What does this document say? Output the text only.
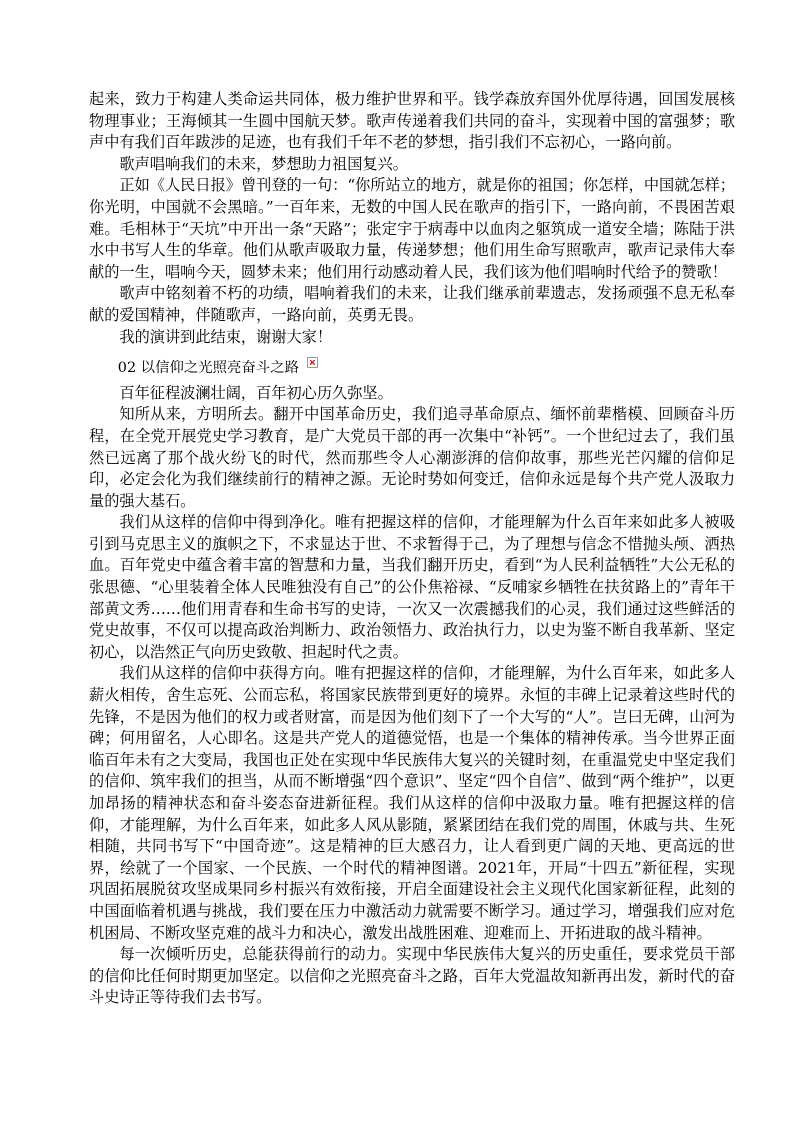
起来，致力于构建人类命运共同体，极力维护世界和平。钱学森放弃国外优厚待遇，回国发展核物理事业；王海倾其一生圆中国航天梦。歌声传递着我们共同的奋斗，实现着中国的富强梦；歌声中有我们百年跋涉的足迹，也有我们千年不老的梦想，指引我们不忘初心，一路向前。

歌声唱响我们的未来，梦想助力祖国复兴。

正如《人民日报》曾刊登的一句：“你所站立的地方，就是你的祖国；你怎样，中国就怎样；你光明，中国就不会黑暗。”一百年来，无数的中国人民在歌声的指引下，一路向前，不畏困苦艰难。毛相林于“天坑”中开出一条“天路”；张定宇于病毒中以血肉之躯筑成一道安全墙；陈陆于洪水中书写人生的华章。他们从歌声吸取力量，传递梦想；他们用生命写照歌声，歌声记录伟大奉献的一生，唱响今天，圆梦未来；他们用行动感动着人民，我们该为他们唱响时代给予的赞歌！

歌声中铭刻着不朽的功绩，唱响着我们的未来，让我们继承前辈遗志，发扬顽强不息无私奉献的爱国精神，伴随歌声，一路向前，英勇无畏。

我的演讲到此结束，谢谢大家！

02 以信仰之光照亮奋斗之路

百年征程波澜壮阔，百年初心历久弥坚。

知所从来，方明所去。翻开中国革命历史，我们追寻革命原点、缅怀前辈楷模、回顾奋斗历程，在全党开展党史学习教育，是广大党员干部的再一次集中“补钙”。一个世纪过去了，我们虽然已远离了那个战火纷飞的时代，然而那些令人心潮澎湃的信仰故事，那些光芒闪耀的信仰足印，必定会化为我们继续前行的精神之源。无论时势如何变迁，信仰永远是每个共产党人汲取力量的强大基石。

我们从这样的信仰中得到净化。唯有把握这样的信仰，才能理解为什么百年来如此多人被吸引到马克思主义的旗帜之下，不求显达于世、不求暂得于己，为了理想与信念不惜抛头颅、洒热血。百年党史中蕴含着丰富的智慧和力量，当我们翻开历史，看到“为人民利益牺牲”大公无私的张思德、“心里装着全体人民唯独没有自己”的公仆焦裕禄、“反哺家乡牺牲在扶贫路上的”青年干部黄文秀……他们用青春和生命书写的史诗，一次又一次震撼我们的心灵，我们通过这些鲜活的党史故事，不仅可以提高政治判断力、政治领悟力、政治执行力，以史为鉴不断自我革新、坚定初心，以浩然正气向历史致敬、担起时代之责。

我们从这样的信仰中获得方向。唯有把握这样的信仰，才能理解，为什么百年来，如此多人薪火相传，舍生忘死、公而忘私，将国家民族带到更好的境界。永恒的丰碑上记录着这些时代的先锋，不是因为他们的权力或者财富，而是因为他们刻下了一个大写的“人”。岂曰无碑，山河为碑；何用留名，人心即名。这是共产党人的道德觉悟，也是一个集体的精神传承。当今世界正面临百年未有之大变局，我国也正处在实现中华民族伟大复兴的关键时刻，在重温党史中坚定我们的信仰、筑牢我们的担当，从而不断增强“四个意识”、坚定“四个自信”、做到“两个维护”，以更加昂扬的精神状态和奋斗姿态奋进新征程。我们从这样的信仰中汲取力量。唯有把握这样的信仰，才能理解，为什么百年来，如此多人风从影随，紧紧团结在我们党的周围，休戚与共、生死相随，共同书写下“中国奇迹”。这是精神的巨大感召力，让人看到更广阔的天地、更高远的世界，绘就了一个国家、一个民族、一个时代的精神图谱。2021年，开局“十四五”新征程，实现巩固拓展脱贫攻坚成果同乡村振兴有效衔接，开启全面建设社会主义现代化国家新征程，此刻的中国面临着机遇与挑战，我们要在压力中激活动力就需要不断学习。通过学习，增强我们应对危机困局、不断攻坚克难的战斗力和决心，激发出战胜困难、迎难而上、开拓进取的战斗精神。

每一次倾听历史，总能获得前行的动力。实现中华民族伟大复兴的历史重任，要求党员干部的信仰比任何时期更加坚定。以信仰之光照亮奋斗之路，百年大党温故知新再出发，新时代的奋斗史诗正等待我们去书写。
